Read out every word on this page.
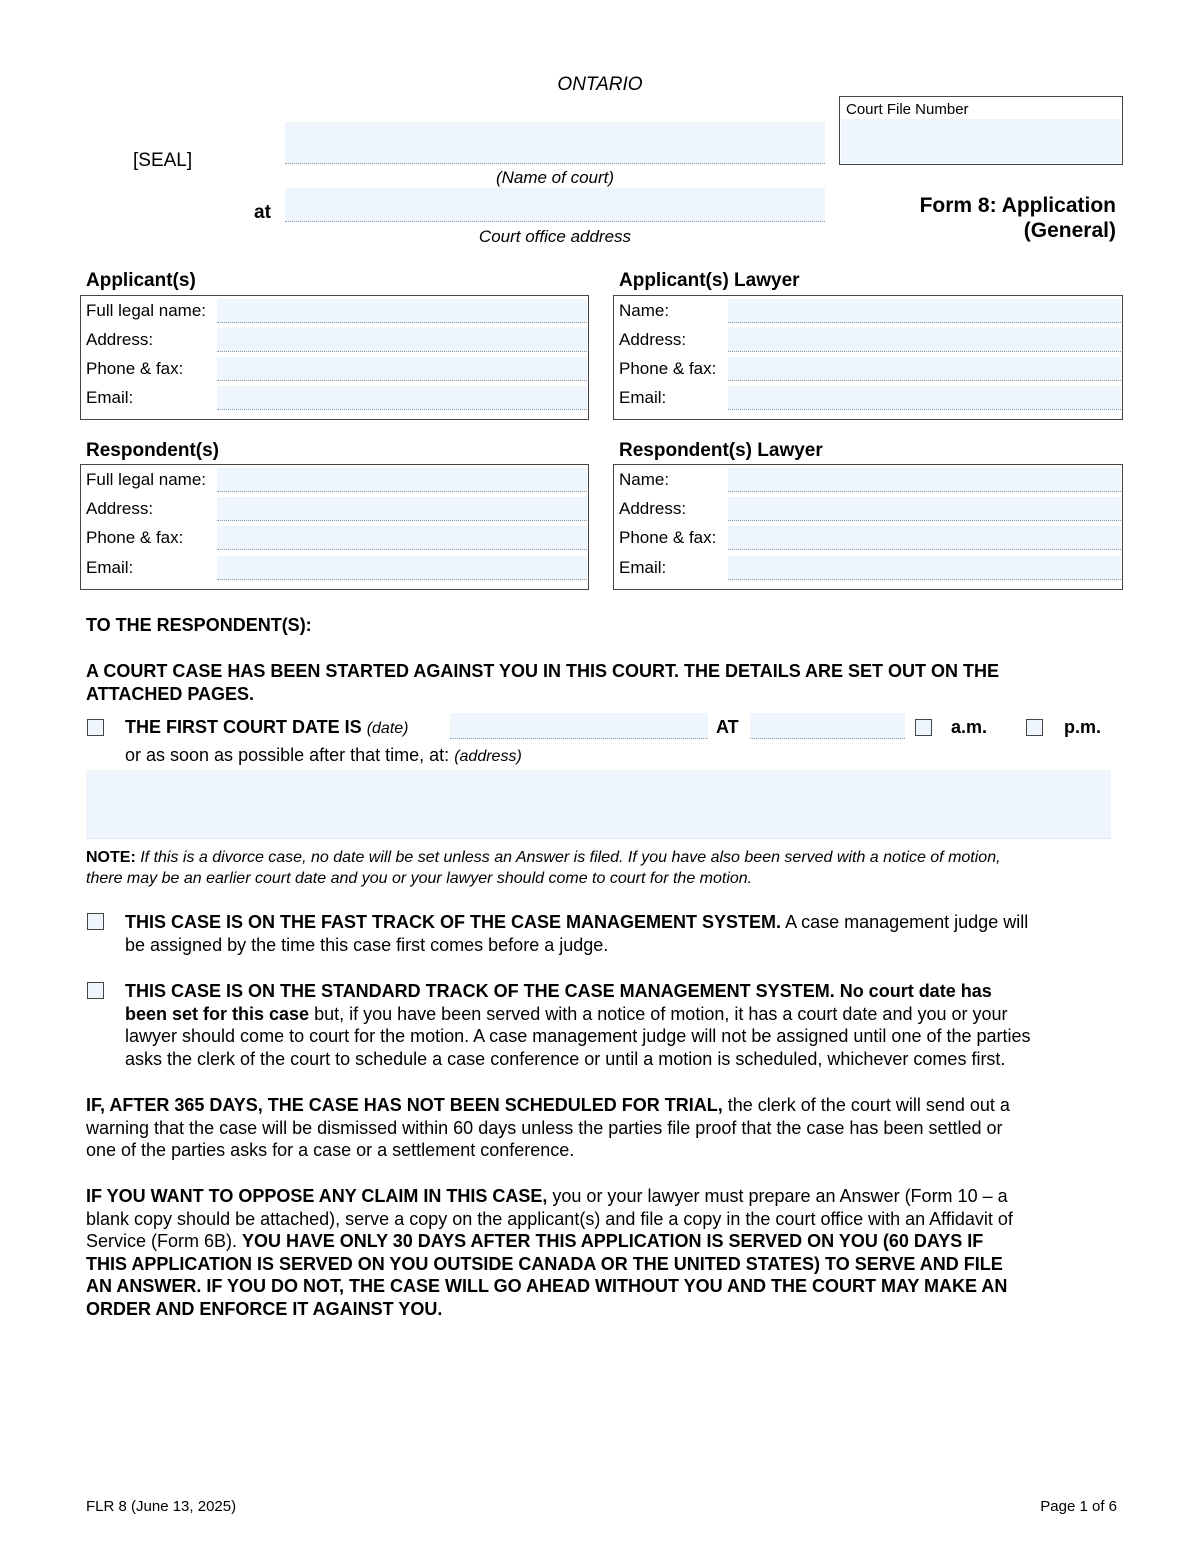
ONTARIO
[SEAL]
(Name of court)
at
Court office address
Court File Number
Form 8: Application
(General)
Applicant(s)
Full legal name:
Address:
Phone & fax:
Email:
Applicant(s) Lawyer
Name:
Address:
Phone & fax:
Email:
Respondent(s)
Full legal name:
Address:
Phone & fax:
Email:
Respondent(s) Lawyer
Name:
Address:
Phone & fax:
Email:
TO THE RESPONDENT(S):
A COURT CASE HAS BEEN STARTED AGAINST YOU IN THIS COURT. THE DETAILS ARE SET OUT ON THE
ATTACHED PAGES.
THE FIRST COURT DATE IS (date)	AT	a.m.	p.m.
or as soon as possible after that time, at: (address)
NOTE: If this is a divorce case, no date will be set unless an Answer is filed. If you have also been served with a notice of motion,
there may be an earlier court date and you or your lawyer should come to court for the motion.
THIS CASE IS ON THE FAST TRACK OF THE CASE MANAGEMENT SYSTEM. A case management judge will
be assigned by the time this case first comes before a judge.
THIS CASE IS ON THE STANDARD TRACK OF THE CASE MANAGEMENT SYSTEM. No court date has
been set for this case but, if you have been served with a notice of motion, it has a court date and you or your
lawyer should come to court for the motion. A case management judge will not be assigned until one of the parties
asks the clerk of the court to schedule a case conference or until a motion is scheduled, whichever comes first.
IF, AFTER 365 DAYS, THE CASE HAS NOT BEEN SCHEDULED FOR TRIAL, the clerk of the court will send out a
warning that the case will be dismissed within 60 days unless the parties file proof that the case has been settled or
one of the parties asks for a case or a settlement conference.
IF YOU WANT TO OPPOSE ANY CLAIM IN THIS CASE, you or your lawyer must prepare an Answer (Form 10 – a
blank copy should be attached), serve a copy on the applicant(s) and file a copy in the court office with an Affidavit of
Service (Form 6B). YOU HAVE ONLY 30 DAYS AFTER THIS APPLICATION IS SERVED ON YOU (60 DAYS IF
THIS APPLICATION IS SERVED ON YOU OUTSIDE CANADA OR THE UNITED STATES) TO SERVE AND FILE
AN ANSWER. IF YOU DO NOT, THE CASE WILL GO AHEAD WITHOUT YOU AND THE COURT MAY MAKE AN
ORDER AND ENFORCE IT AGAINST YOU.
FLR 8 (June 13, 2025)	Page 1 of 6
